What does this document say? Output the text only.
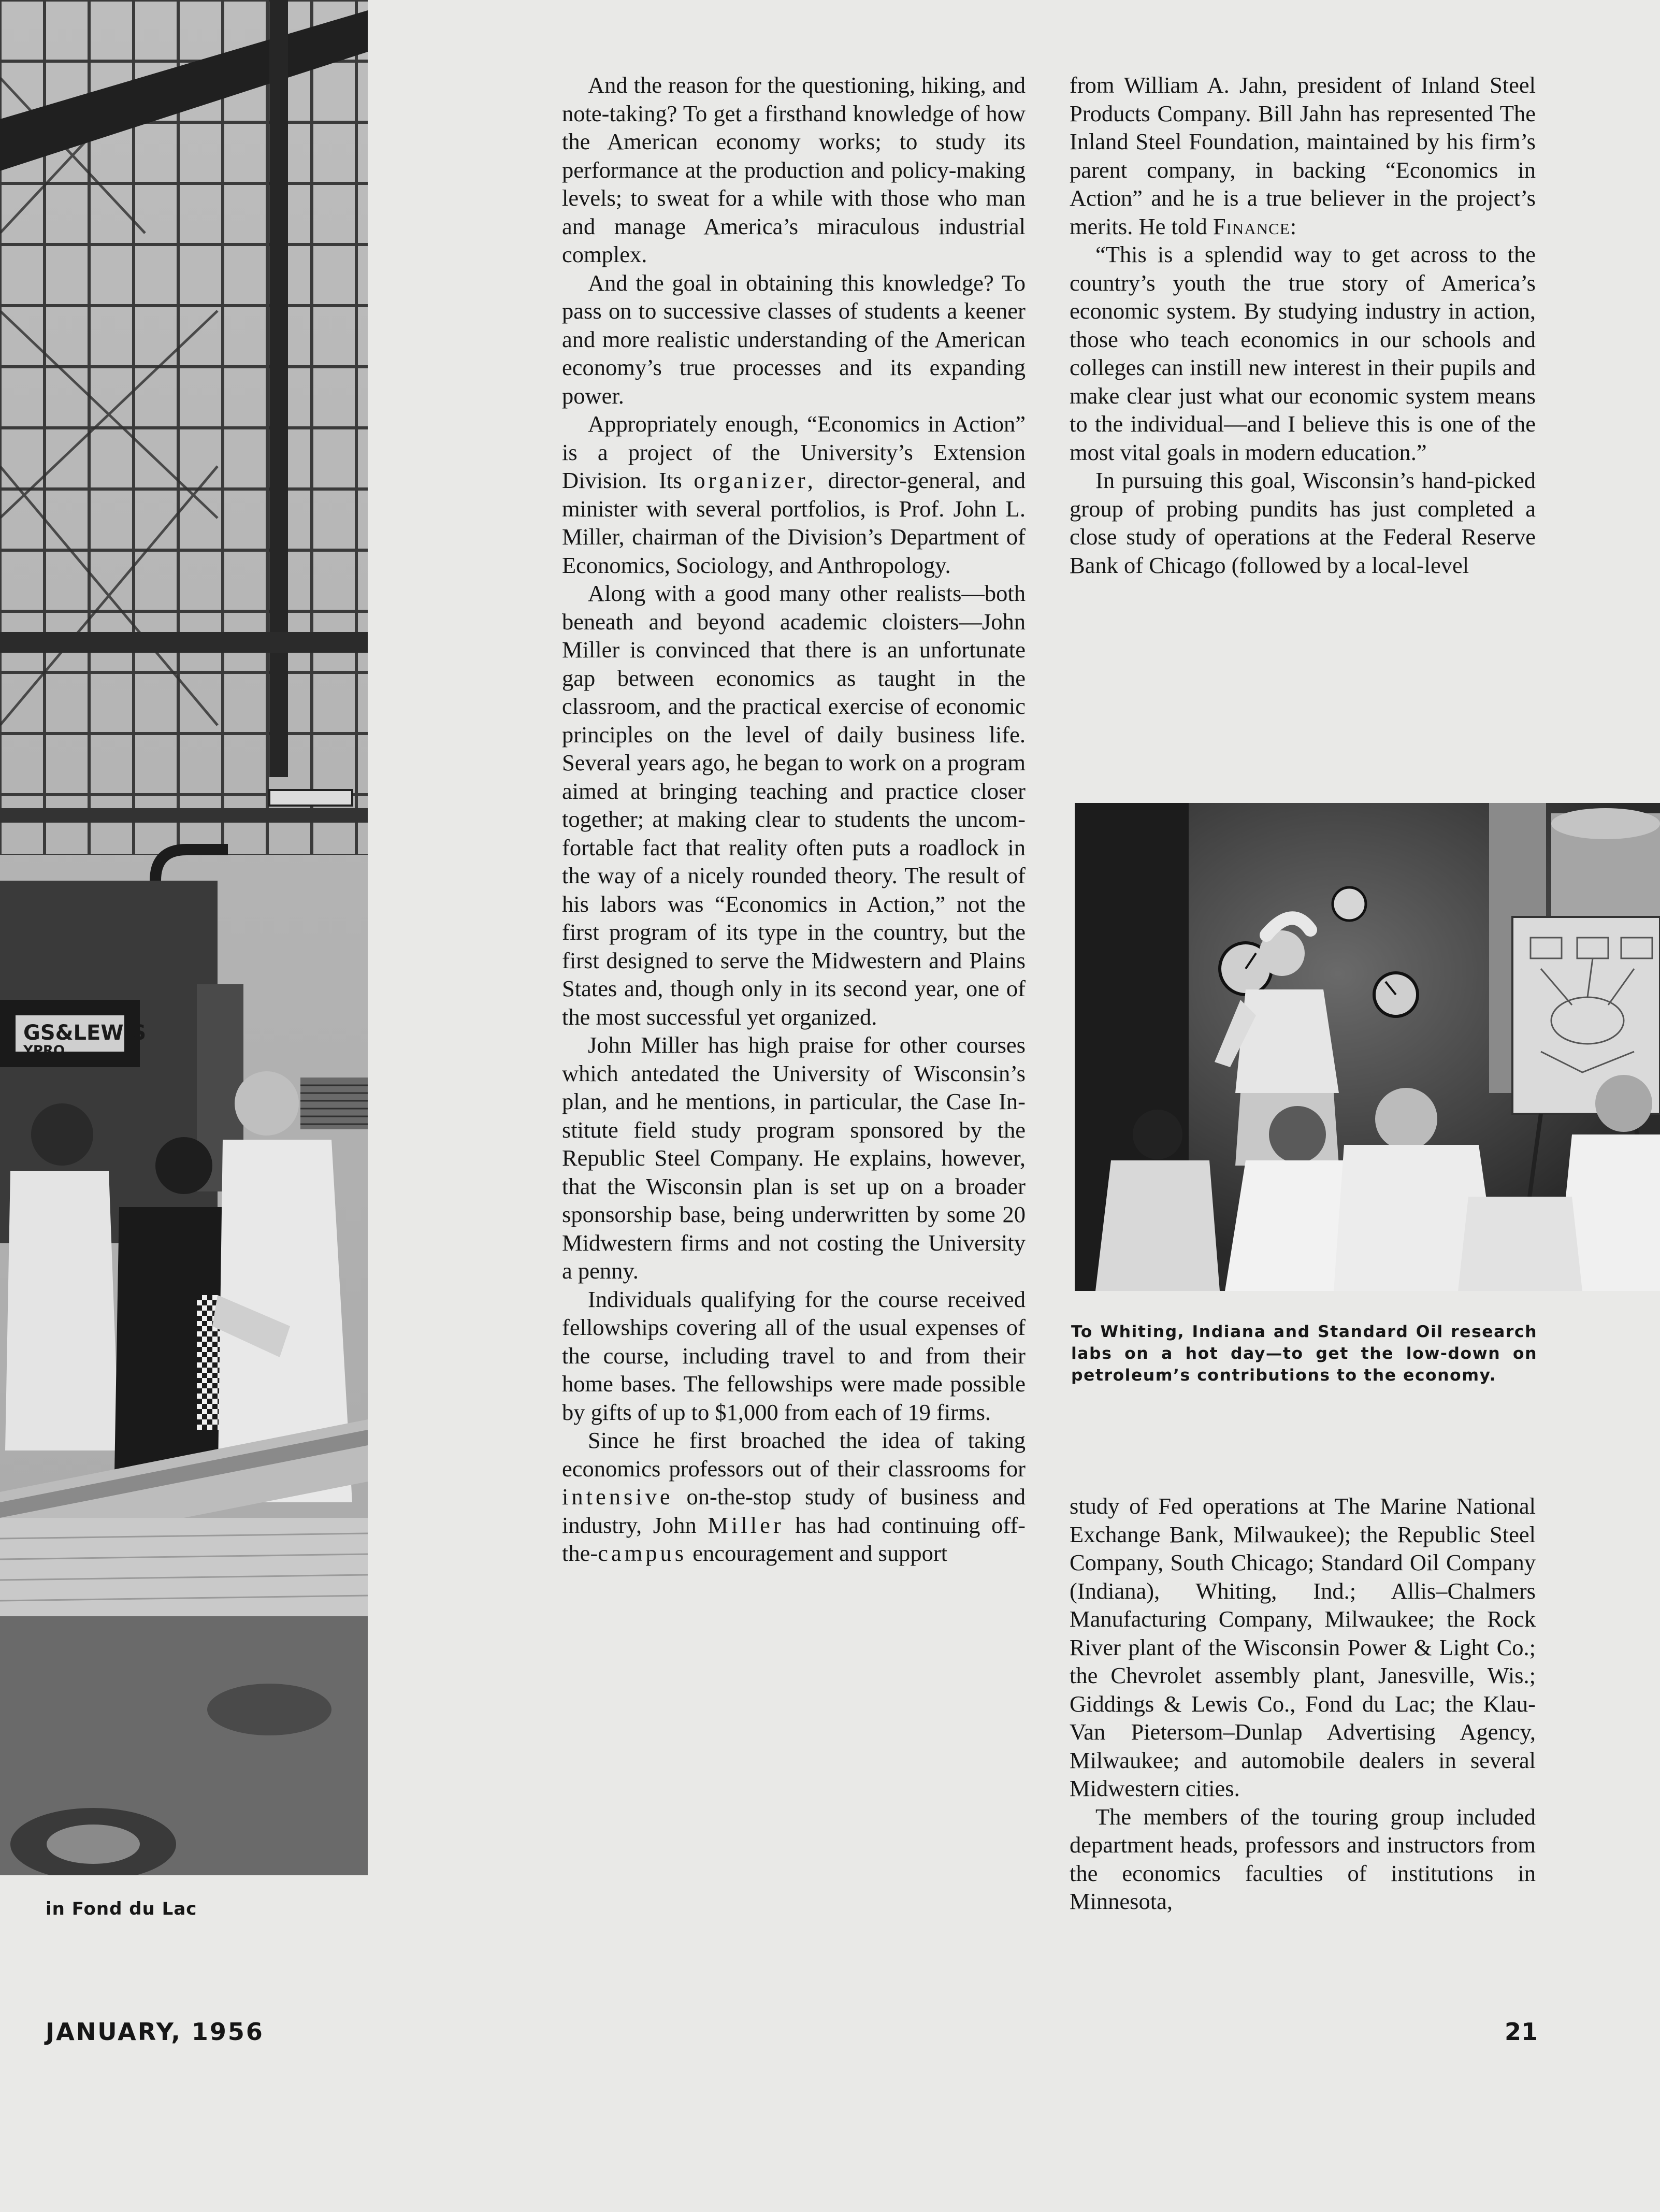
GS&LEWIS
YPRO
in Fond du Lac

And the reason for the questioning, hiking, and note-taking? To get a firsthand knowledge of how the American economy works; to study its performance at the production and policy-making levels; to sweat for a while with those who man and manage America’s miraculous industrial complex.

And the goal in obtaining this knowledge? To pass on to successive classes of students a keener and more realistic understanding of the American economy’s true processes and its expanding power.

Appropriately enough, “Economics in Action” is a project of the University’s Extension Division. Its organizer, director-general, and minister with several portfolios, is Prof. John L. Miller, chairman of the Division’s Department of Economics, Sociology, and Anthropology.

Along with a good many other realists—both beneath and beyond academic cloisters—John Miller is convinced that there is an unfortunate gap between economics as taught in the classroom, and the practical exercise of economic principles on the level of daily business life. Several years ago, he began to work on a program aimed at bringing teaching and practice closer together; at making clear to students the uncomfortable fact that reality often puts a roadlock in the way of a nicely rounded theory. The result of his labors was “Economics in Action,” not the first program of its type in the country, but the first designed to serve the Midwestern and Plains States and, though only in its second year, one of the most successful yet organized.

John Miller has high praise for other courses which antedated the University of Wisconsin’s plan, and he mentions, in particular, the Case Institute field study program sponsored by the Republic Steel Company. He explains, however, that the Wisconsin plan is set up on a broader sponsorship base, being underwritten by some 20 Midwestern firms and not costing the University a penny.

Individuals qualifying for the course received fellowships covering all of the usual expenses of the course, including travel to and from their home bases. The fellowships were made possible by gifts of up to $1,000 from each of 19 firms.

Since he first broached the idea of taking economics professors out of their classrooms for intensive on-the-stop study of business and industry, John Miller has had continuing off-the-campus encouragement and support

from William A. Jahn, president of Inland Steel Products Company. Bill Jahn has represented The Inland Steel Foundation, maintained by his firm’s parent company, in backing “Economics in Action” and he is a true believer in the project’s merits. He told Finance:

“This is a splendid way to get across to the country’s youth the true story of America’s economic system. By studying industry in action, those who teach economics in our schools and colleges can instill new interest in their pupils and make clear just what our economic system means to the individual—and I believe this is one of the most vital goals in modern education.”

In pursuing this goal, Wisconsin’s hand-picked group of probing pundits has just completed a close study of operations at the Federal Reserve Bank of Chicago (followed by a local-level

To Whiting, Indiana and Standard Oil research labs on a hot day—to get the low-down on petroleum’s contributions to the economy.

study of Fed operations at The Marine National Exchange Bank, Milwaukee); the Republic Steel Company, South Chicago; Standard Oil Company (Indiana), Whiting, Ind.; Allis–Chalmers Manufacturing Company, Milwaukee; the Rock River plant of the Wisconsin Power & Light Co.; the Chevrolet assembly plant, Janesville, Wis.; Giddings & Lewis Co., Fond du Lac; the Klau-Van Pietersom–Dunlap Advertising Agency, Milwaukee; and automobile dealers in several Midwestern cities.

The members of the touring group included department heads, professors and instructors from the economics faculties of institutions in Minnesota,

JANUARY, 1956	21
